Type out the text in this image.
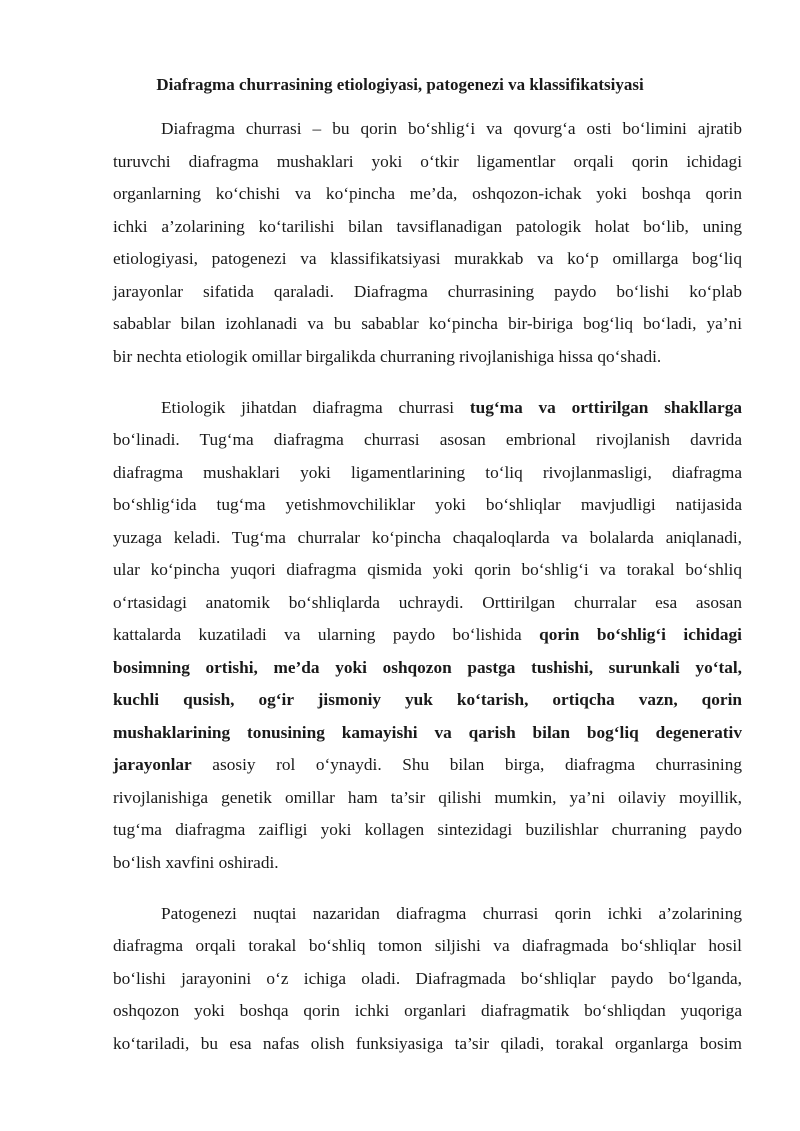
Diafragma churrasining etiologiyasi, patogenezi va klassifikatsiyasi
Diafragma churrasi – bu qorin bo‘shlig‘i va qovurg‘a osti bo‘limini ajratib
turuvchi diafragma mushaklari yoki o‘tkir ligamentlar orqali qorin ichidagi
organlarning ko‘chishi va ko‘pincha me’da, oshqozon-ichak yoki boshqa qorin
ichki a’zolarining ko‘tarilishi bilan tavsiflanadigan patologik holat bo‘lib, uning
etiologiyasi, patogenezi va klassifikatsiyasi murakkab va ko‘p omillarga bog‘liq
jarayonlar sifatida qaraladi. Diafragma churrasining paydo bo‘lishi ko‘plab
sabablar bilan izohlanadi va bu sabablar ko‘pincha bir-biriga bog‘liq bo‘ladi, ya’ni
bir nechta etiologik omillar birgalikda churraning rivojlanishiga hissa qo‘shadi.
Etiologik jihatdan diafragma churrasi tug‘ma va orttirilgan shakllarga
bo‘linadi. Tug‘ma diafragma churrasi asosan embrional rivojlanish davrida
diafragma mushaklari yoki ligamentlarining to‘liq rivojlanmasligi, diafragma
bo‘shlig‘ida tug‘ma yetishmovchiliklar yoki bo‘shliqlar mavjudligi natijasida
yuzaga keladi. Tug‘ma churralar ko‘pincha chaqaloqlarda va bolalarda aniqlanadi,
ular ko‘pincha yuqori diafragma qismida yoki qorin bo‘shlig‘i va torakal bo‘shliq
o‘rtasidagi anatomik bo‘shliqlarda uchraydi. Orttirilgan churralar esa asosan
kattalarda kuzatiladi va ularning paydo bo‘lishida qorin bo‘shlig‘i ichidagi
bosimning ortishi, me’da yoki oshqozon pastga tushishi, surunkali yo‘tal,
kuchli qusish, og‘ir jismoniy yuk ko‘tarish, ortiqcha vazn, qorin
mushaklarining tonusining kamayishi va qarish bilan bog‘liq degenerativ
jarayonlar asosiy rol o‘ynaydi. Shu bilan birga, diafragma churrasining
rivojlanishiga genetik omillar ham ta’sir qilishi mumkin, ya’ni oilaviy moyillik,
tug‘ma diafragma zaifligi yoki kollagen sintezidagi buzilishlar churraning paydo
bo‘lish xavfini oshiradi.
Patogenezi nuqtai nazaridan diafragma churrasi qorin ichki a’zolarining
diafragma orqali torakal bo‘shliq tomon siljishi va diafragmada bo‘shliqlar hosil
bo‘lishi jarayonini o‘z ichiga oladi. Diafragmada bo‘shliqlar paydo bo‘lganda,
oshqozon yoki boshqa qorin ichki organlari diafragmatik bo‘shliqdan yuqoriga
ko‘tariladi, bu esa nafas olish funksiyasiga ta’sir qiladi, torakal organlarga bosim
